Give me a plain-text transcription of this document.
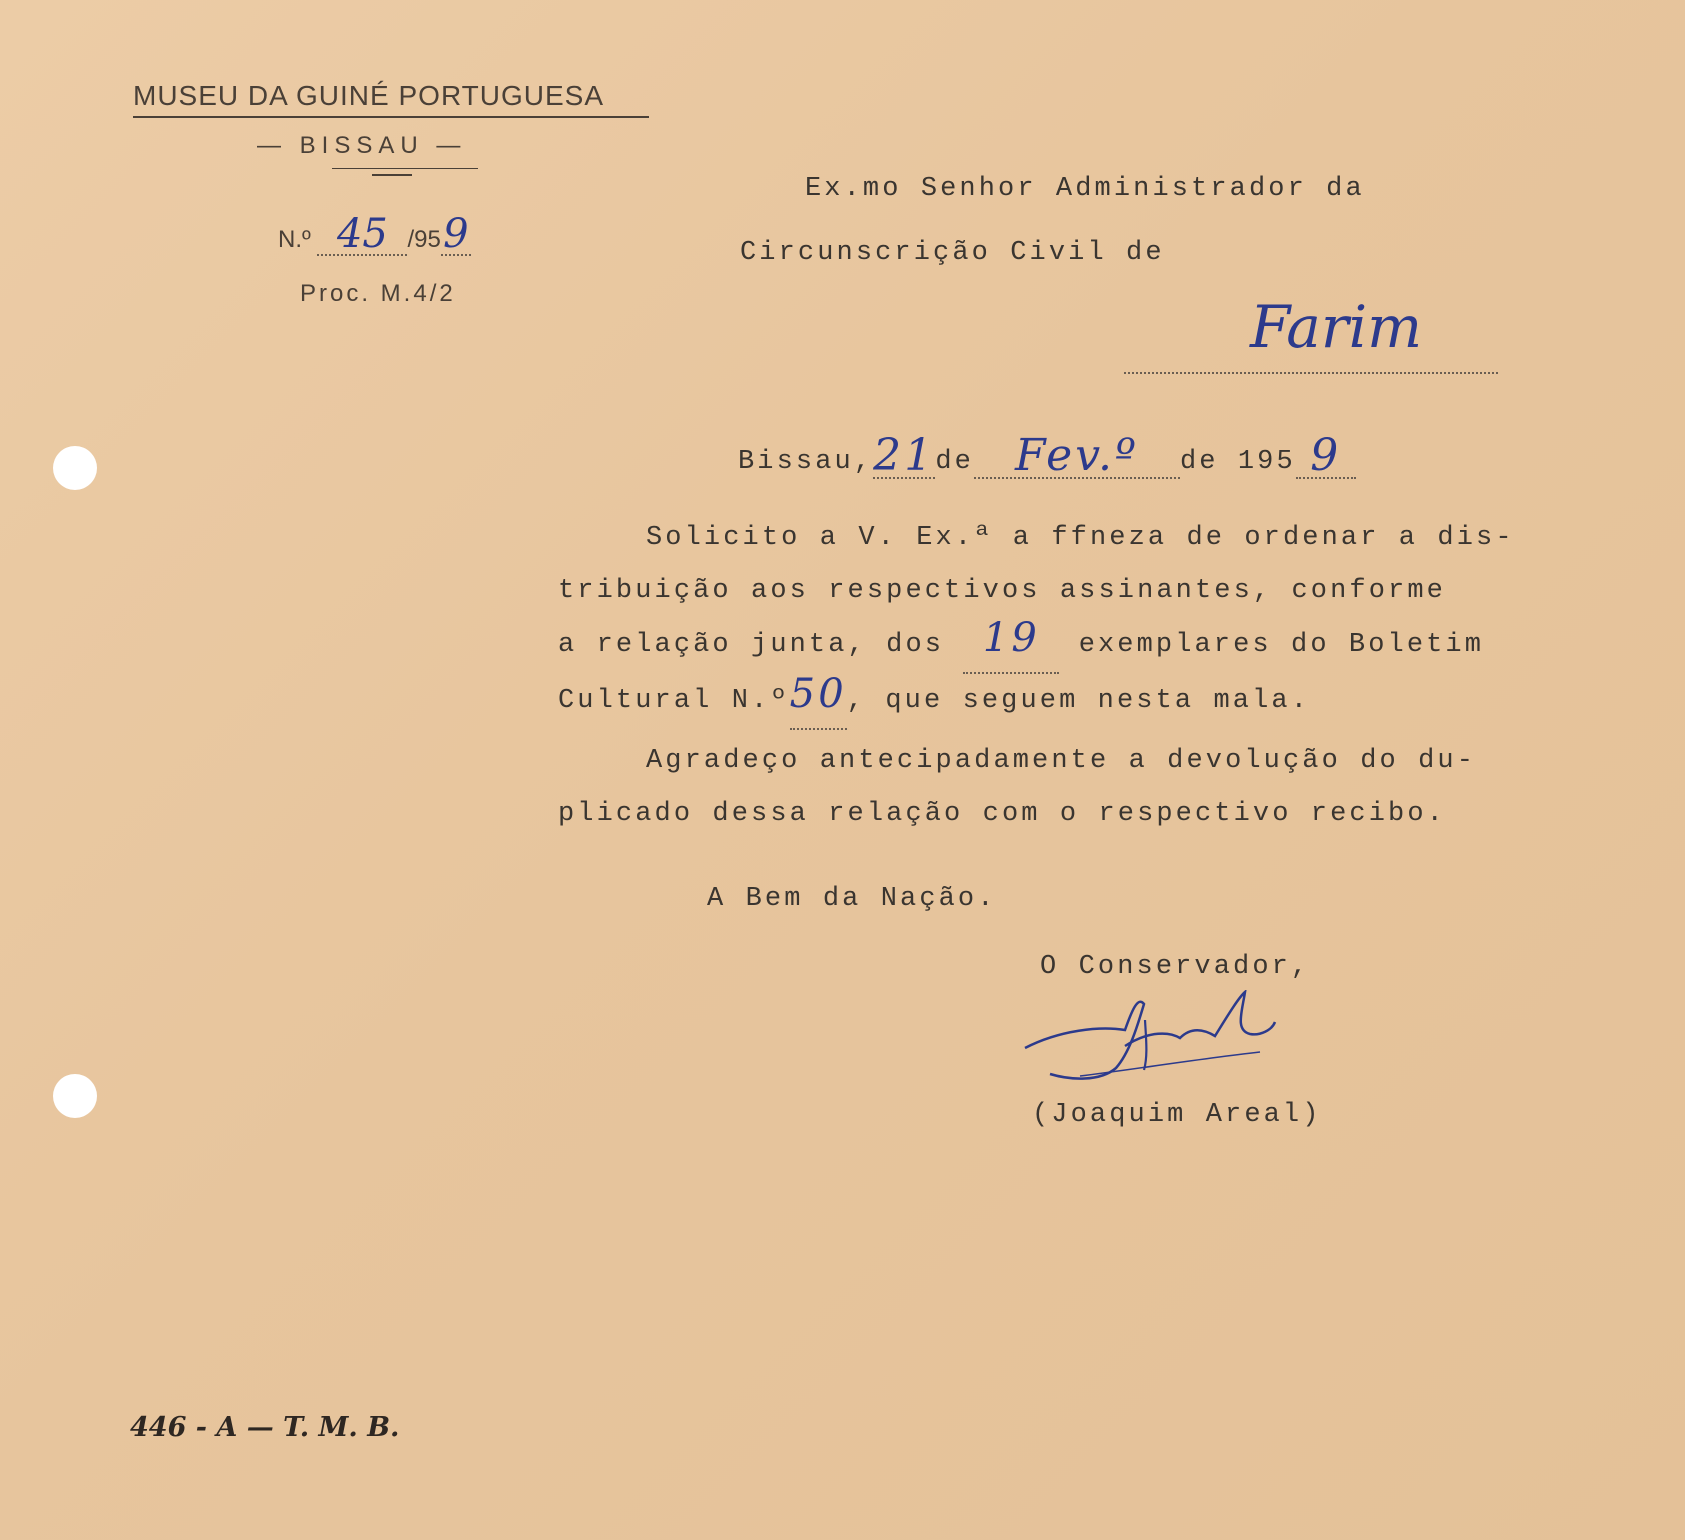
MUSEU DA GUINÉ PORTUGUESA
— BISSAU —
N.º 45 /959
Proc. M.4/2
Ex.mo Senhor Administrador da
Circunscrição Civil de
Farim
Bissau,21de Fev.º de 195 9
Solicito a V. Ex.ª a ffneza de ordenar a dis-
tribuição aos respectivos assinantes, conforme
a relação junta, dos 19 exemplares do Boletim
Cultural N.º50, que seguem nesta mala.
Agradeço antecipadamente a devolução do du-
plicado dessa relação com o respectivo recibo.
A Bem da Nação.
O Conservador,
(Joaquim Areal)
446 - A — T. M. B.
